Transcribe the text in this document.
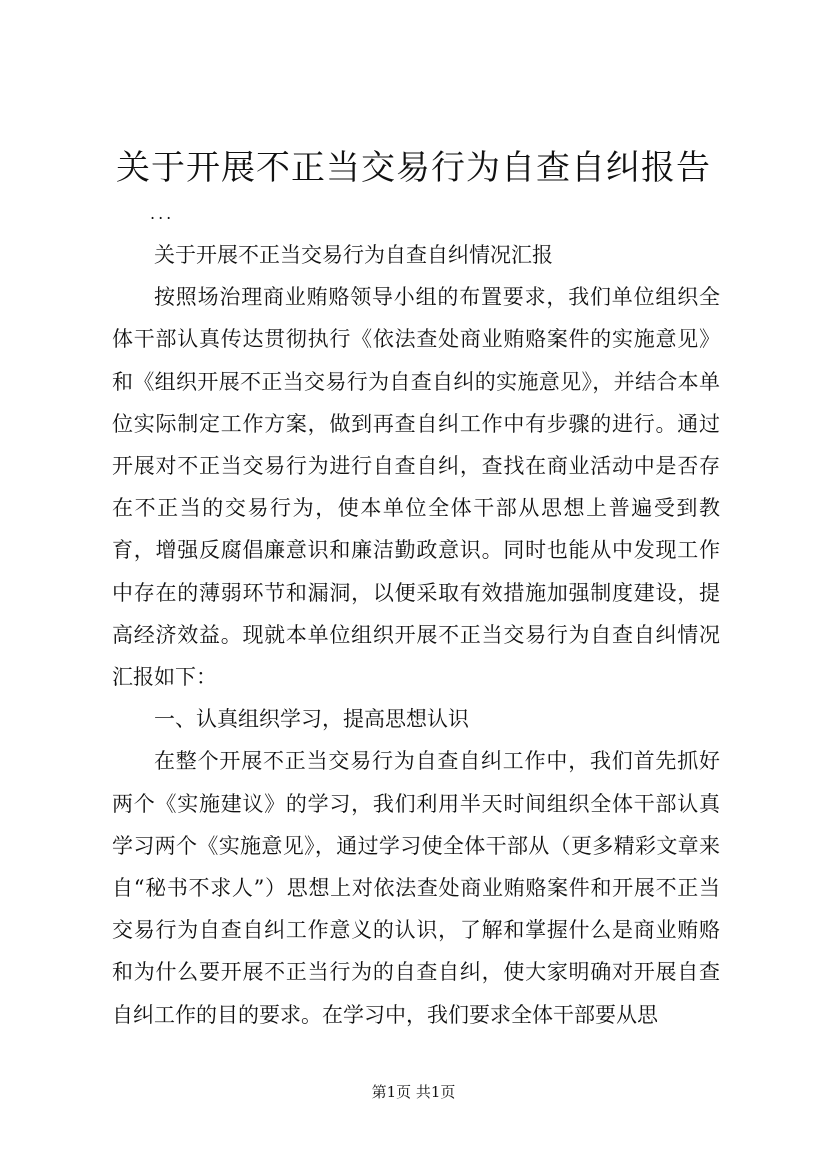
关于开展不正当交易行为自查自纠报告
...

关于开展不正当交易行为自查自纠情况汇报

按照场治理商业贿赂领导小组的布置要求，我们单位组织全体干部认真传达贯彻执行《依法查处商业贿赂案件的实施意见》和《组织开展不正当交易行为自查自纠的实施意见》，并结合本单位实际制定工作方案，做到再查自纠工作中有步骤的进行。通过开展对不正当交易行为进行自查自纠，查找在商业活动中是否存在不正当的交易行为，使本单位全体干部从思想上普遍受到教育，增强反腐倡廉意识和廉洁勤政意识。同时也能从中发现工作中存在的薄弱环节和漏洞，以便采取有效措施加强制度建设，提高经济效益。现就本单位组织开展不正当交易行为自查自纠情况汇报如下：

一、认真组织学习，提高思想认识

在整个开展不正当交易行为自查自纠工作中，我们首先抓好两个《实施建议》的学习，我们利用半天时间组织全体干部认真学习两个《实施意见》，通过学习使全体干部从（更多精彩文章来自“秘书不求人”）思想上对依法查处商业贿赂案件和开展不正当交易行为自查自纠工作意义的认识，了解和掌握什么是商业贿赂和为什么要开展不正当行为的自查自纠，使大家明确对开展自查自纠工作的目的要求。在学习中，我们要求全体干部要从思

第1页 共1页
